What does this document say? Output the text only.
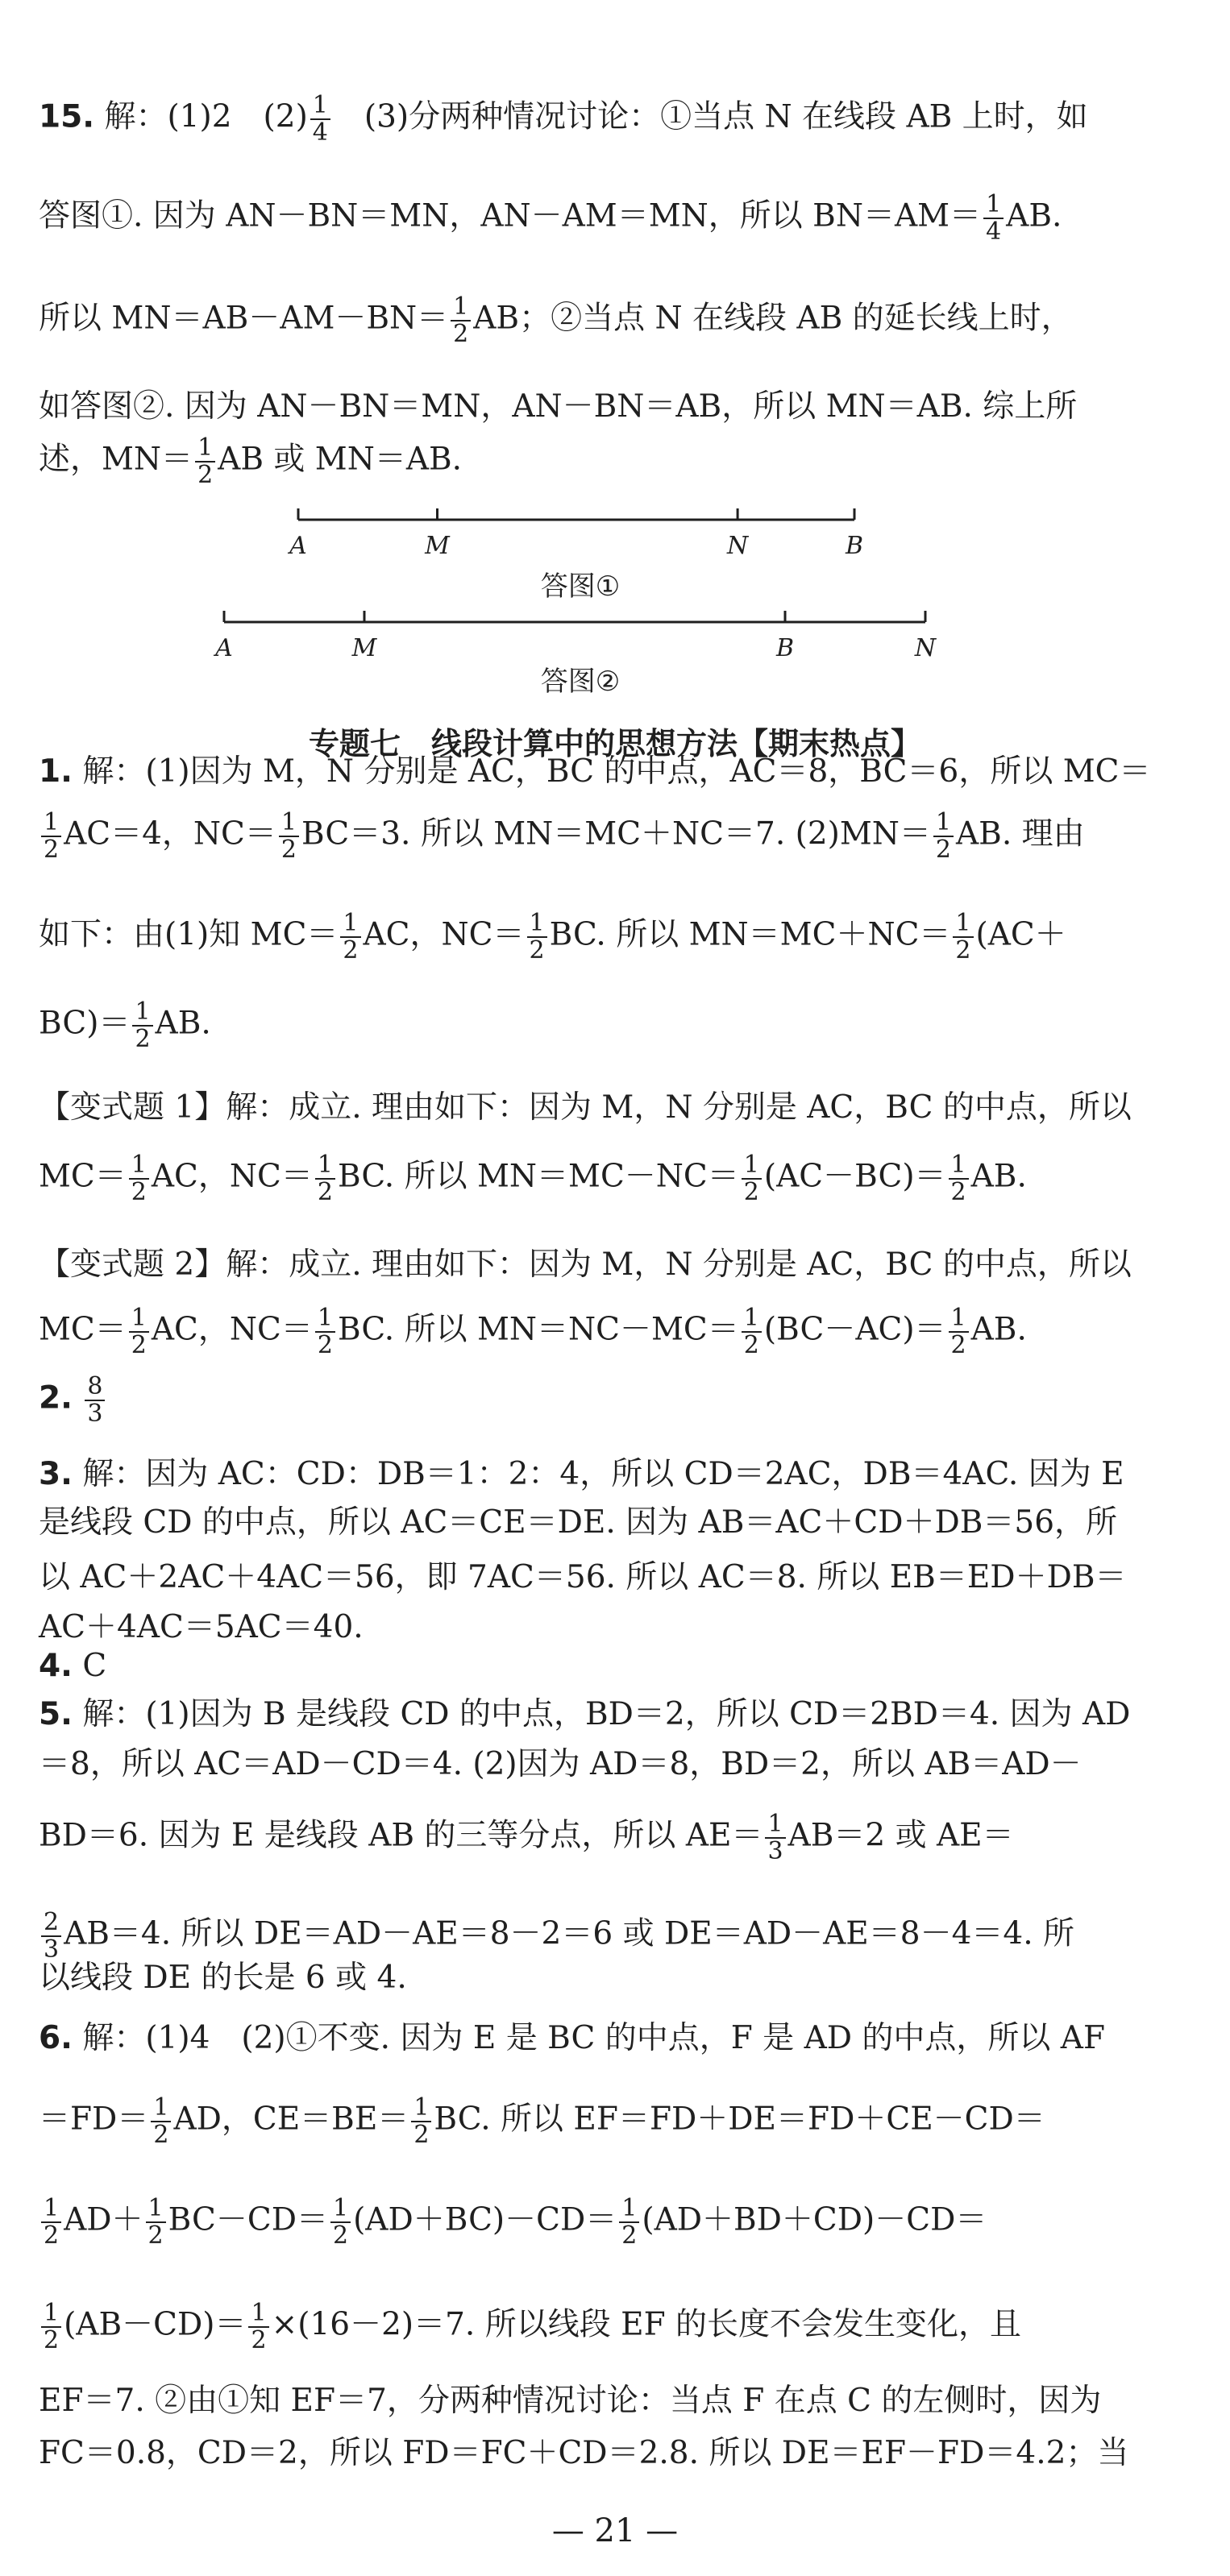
15. 解：(1)2　$(2) \frac{1}{4}$ 　(3)分两种情况讨论：①当点 N 在线段 AB 上时，如
答图①. 因为 AN－BN＝MN，AN－AM＝MN，所以 $BN=AM= \frac{1}{4}$ AB.
所以 $MN=AB-AM-BN= \frac{1}{2}$ AB；②当点 N 在线段 AB 的延长线上时，
如答图②. 因为 AN－BN＝MN，AN－BN＝AB，所以 MN＝AB. 综上所
述，$MN= \frac{1}{2}$ AB 或 MN＝AB.
1. 解：(1)因为 M，N 分别是 AC，BC 的中点，AC＝8，BC＝6，所以 MC＝
$\frac{1}{2} AC=4$，$NC= \frac{1}{2} BC=3$. 所以 MN＝MC＋NC＝7. $(2)MN= \frac{1}{2}$ AB. 理由
如下：由(1)知 $MC= \frac{1}{2}$ AC，$NC= \frac{1}{2}$ BC. 所以 $MN=MC+NC= \frac{1}{2} (AC+$
$BC)= \frac{1}{2}$ AB.
【变式题 1】解：成立. 理由如下：因为 M，N 分别是 AC，BC 的中点，所以
$MC= \frac{1}{2}$ AC，$NC= \frac{1}{2}$ BC. 所以 $MN=MC-NC= \frac{1}{2} (AC-BC)= \frac{1}{2}$ AB.
【变式题 2】解：成立. 理由如下：因为 M，N 分别是 AC，BC 的中点，所以
$MC= \frac{1}{2}$ AC，$NC= \frac{1}{2}$ BC. 所以 $MN=NC-MC= \frac{1}{2} (BC-AC)= \frac{1}{2}$ AB.
2. $\frac{8}{3}$
3. 解：因为 AC：CD：DB＝1：2：4，所以 CD＝2AC，DB＝4AC. 因为 E
是线段 CD 的中点，所以 AC＝CE＝DE. 因为 AB＝AC＋CD＋DB＝56，所
以 AC＋2AC＋4AC＝56，即 7AC＝56. 所以 AC＝8. 所以 EB＝ED＋DB＝
AC＋4AC＝5AC＝40.
4. C
5. 解：(1)因为 B 是线段 CD 的中点，BD＝2，所以 CD＝2BD＝4. 因为 AD
＝8，所以 AC＝AD－CD＝4. (2)因为 AD＝8，BD＝2，所以 AB＝AD－
BD＝6. 因为 E 是线段 AB 的三等分点，所以 $AE= \frac{1}{3} AB=2$ 或 AE＝
$\frac{2}{3} AB=4$. 所以 DE＝AD－AE＝8－2＝6 或 DE＝AD－AE＝8－4＝4. 所
以线段 DE 的长是 6 或 4.
6. 解：(1)4　(2)①不变. 因为 E 是 BC 的中点，F 是 AD 的中点，所以 AF
$=FD= \frac{1}{2}$ AD，$CE=BE= \frac{1}{2}$ BC. 所以 EF＝FD＋DE＝FD＋CE－CD＝
$\frac{1}{2} AD+ \frac{1}{2} BC-CD= \frac{1}{2} (AD+BC)-CD= \frac{1}{2} (AD+BD+CD)-CD=$
$\frac{1}{2} (AB-CD)= \frac{1}{2} \times(16-2)=7$. 所以线段 EF 的长度不会发生变化，且
EF＝7. ②由①知 EF＝7，分两种情况讨论：当点 F 在点 C 的左侧时，因为
FC＝0.8，CD＝2，所以 FD＝FC＋CD＝2.8. 所以 DE＝EF－FD＝4.2；当
A	M	N	B
A	M	B	N
答图①
答图②
专题七　线段计算中的思想方法【期末热点】
— 21 —
